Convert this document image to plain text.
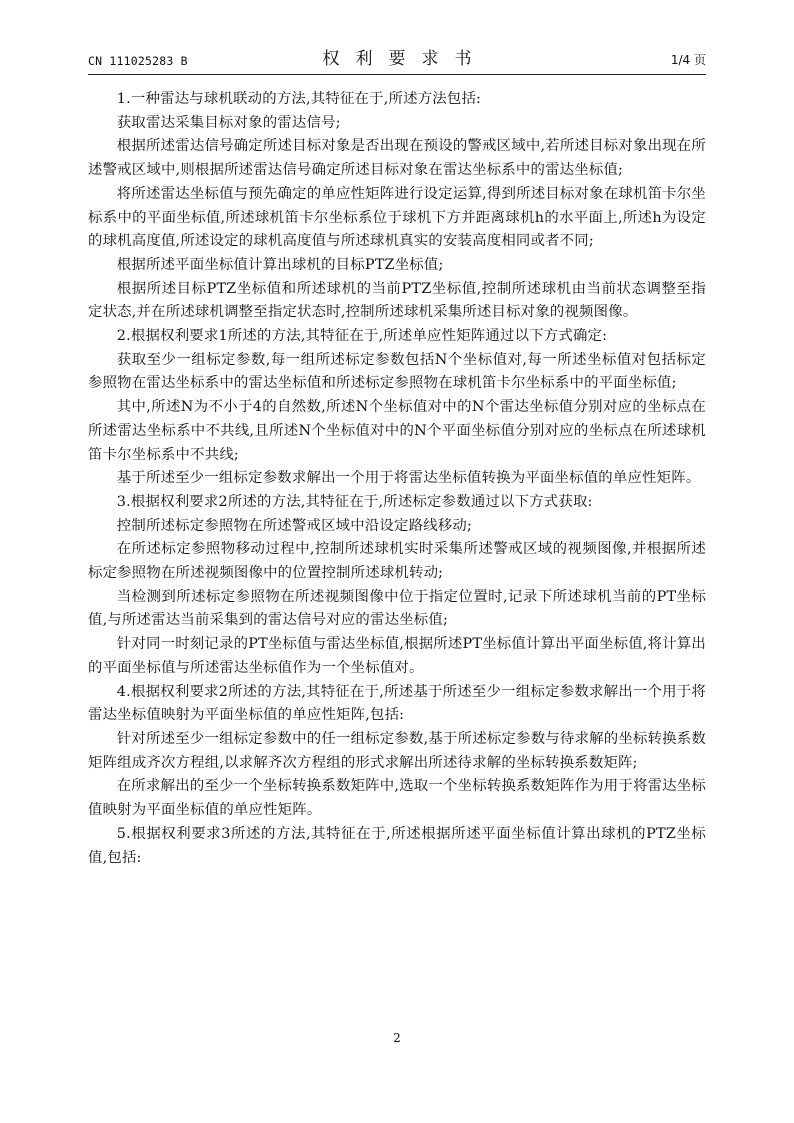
CN 111025283 B	权利要求书	1/4 页

1.一种雷达与球机联动的方法,其特征在于,所述方法包括:

获取雷达采集目标对象的雷达信号;

根据所述雷达信号确定所述目标对象是否出现在预设的警戒区域中,若所述目标对象出现在所述警戒区域中,则根据所述雷达信号确定所述目标对象在雷达坐标系中的雷达坐标值;

将所述雷达坐标值与预先确定的单应性矩阵进行设定运算,得到所述目标对象在球机笛卡尔坐标系中的平面坐标值,所述球机笛卡尔坐标系位于球机下方并距离球机h的水平面上,所述h为设定的球机高度值,所述设定的球机高度值与所述球机真实的安装高度相同或者不同;

根据所述平面坐标值计算出球机的目标PTZ坐标值;

根据所述目标PTZ坐标值和所述球机的当前PTZ坐标值,控制所述球机由当前状态调整至指定状态,并在所述球机调整至指定状态时,控制所述球机采集所述目标对象的视频图像。

2.根据权利要求1所述的方法,其特征在于,所述单应性矩阵通过以下方式确定:

获取至少一组标定参数,每一组所述标定参数包括N个坐标值对,每一所述坐标值对包括标定参照物在雷达坐标系中的雷达坐标值和所述标定参照物在球机笛卡尔坐标系中的平面坐标值;

其中,所述N为不小于4的自然数,所述N个坐标值对中的N个雷达坐标值分别对应的坐标点在所述雷达坐标系中不共线,且所述N个坐标值对中的N个平面坐标值分别对应的坐标点在所述球机笛卡尔坐标系中不共线;

基于所述至少一组标定参数求解出一个用于将雷达坐标值转换为平面坐标值的单应性矩阵。

3.根据权利要求2所述的方法,其特征在于,所述标定参数通过以下方式获取:

控制所述标定参照物在所述警戒区域中沿设定路线移动;

在所述标定参照物移动过程中,控制所述球机实时采集所述警戒区域的视频图像,并根据所述标定参照物在所述视频图像中的位置控制所述球机转动;

当检测到所述标定参照物在所述视频图像中位于指定位置时,记录下所述球机当前的PT坐标值,与所述雷达当前采集到的雷达信号对应的雷达坐标值;

针对同一时刻记录的PT坐标值与雷达坐标值,根据所述PT坐标值计算出平面坐标值,将计算出的平面坐标值与所述雷达坐标值作为一个坐标值对。

4.根据权利要求2所述的方法,其特征在于,所述基于所述至少一组标定参数求解出一个用于将雷达坐标值映射为平面坐标值的单应性矩阵,包括:

针对所述至少一组标定参数中的任一组标定参数,基于所述标定参数与待求解的坐标转换系数矩阵组成齐次方程组,以求解齐次方程组的形式求解出所述待求解的坐标转换系数矩阵;

在所求解出的至少一个坐标转换系数矩阵中,选取一个坐标转换系数矩阵作为用于将雷达坐标值映射为平面坐标值的单应性矩阵。

5.根据权利要求3所述的方法,其特征在于,所述根据所述平面坐标值计算出球机的PTZ坐标值,包括:

2
